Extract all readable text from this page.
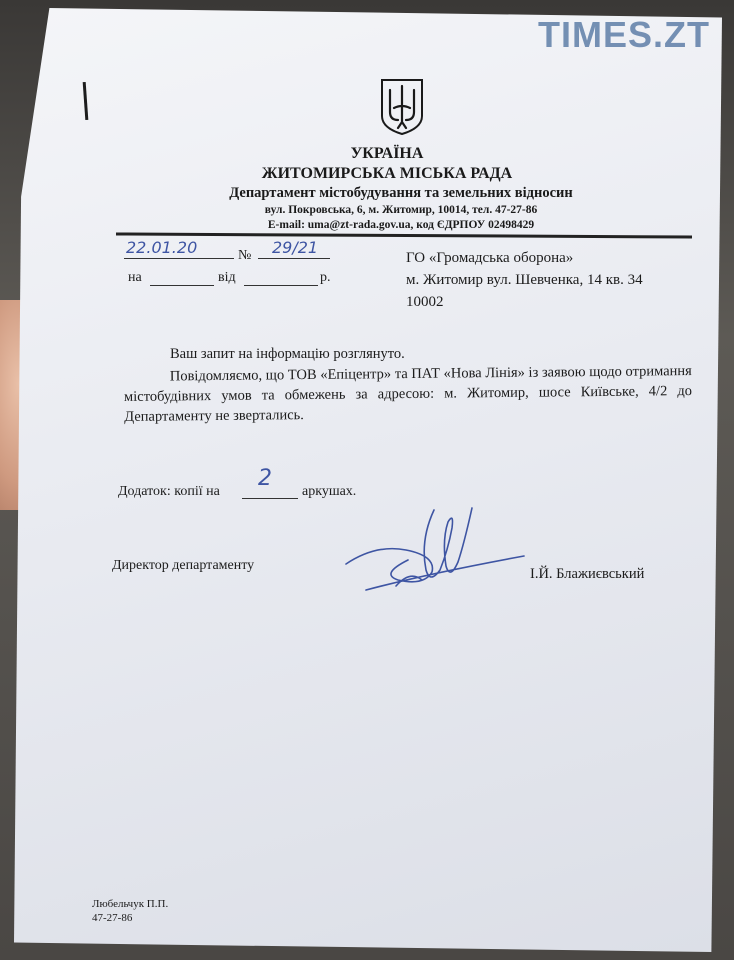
TIMES.ZT
УКРАЇНА
ЖИТОМИРСЬКА МІСЬКА РАДА
Департамент містобудування та земельних відносин
вул. Покровська, 6, м. Житомир, 10014, тел. 47-27-86
E-mail: uma@zt-rada.gov.ua, код ЄДРПОУ 02498429
22.01.20	№ 29/21
на	від	р.
ГО «Громадська оборона»
м. Житомир вул. Шевченка, 14 кв. 34
10002
Ваш запит на інформацію розглянуто.
Повідомляємо, що ТОВ «Епіцентр» та ПАТ «Нова Лінія» із заявою щодо отримання містобудівних умов та обмежень за адресою: м. Житомир, шосе Київське, 4/2 до Департаменту не звертались.
Додаток: копії на
2
аркушах.
Директор департаменту
І.Й. Блажиєвський
Любельчук П.П.
47-27-86
